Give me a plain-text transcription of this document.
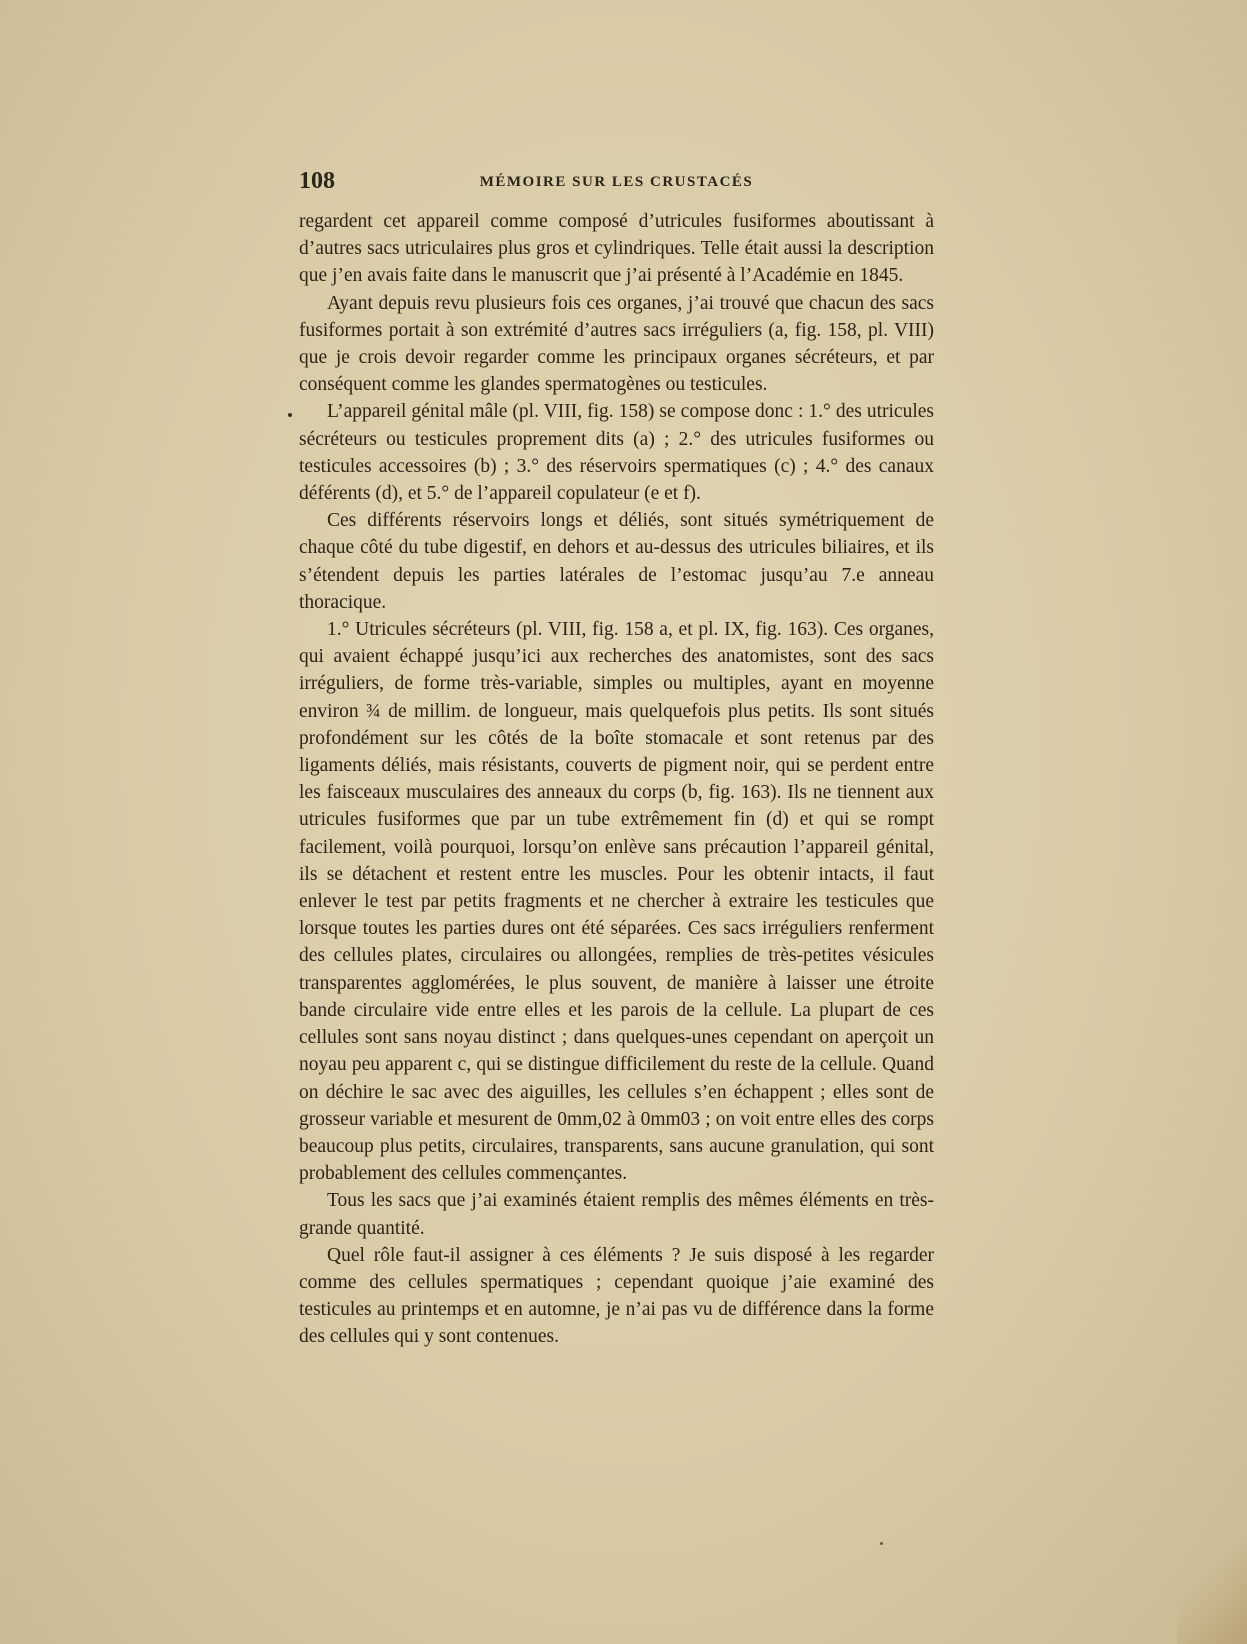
108	MÉMOIRE SUR LES CRUSTACÉS

regardent cet appareil comme composé d’utricules fusiformes aboutissant à d’autres sacs utriculaires plus gros et cylindriques. Telle était aussi la description que j’en avais faite dans le manuscrit que j’ai présenté à l’Académie en 1845.

Ayant depuis revu plusieurs fois ces organes, j’ai trouvé que chacun des sacs fusiformes portait à son extrémité d’autres sacs irréguliers (a, fig. 158, pl. VIII) que je crois devoir regarder comme les principaux organes sécréteurs, et par conséquent comme les glandes spermatogènes ou testicules.

L’appareil génital mâle (pl. VIII, fig. 158) se compose donc : 1.° des utricules sécréteurs ou testicules proprement dits (a) ; 2.° des utricules fusiformes ou testicules accessoires (b) ; 3.° des réservoirs spermatiques (c) ; 4.° des canaux déférents (d), et 5.° de l’appareil copulateur (e et f).

Ces différents réservoirs longs et déliés, sont situés symétriquement de chaque côté du tube digestif, en dehors et au-dessus des utricules biliaires, et ils s’étendent depuis les parties latérales de l’estomac jusqu’au 7.e anneau thoracique.

1.° Utricules sécréteurs (pl. VIII, fig. 158 a, et pl. IX, fig. 163). Ces organes, qui avaient échappé jusqu’ici aux recherches des anatomistes, sont des sacs irréguliers, de forme très-variable, simples ou multiples, ayant en moyenne environ ¾ de millim. de longueur, mais quelquefois plus petits. Ils sont situés profondément sur les côtés de la boîte stomacale et sont retenus par des ligaments déliés, mais résistants, couverts de pigment noir, qui se perdent entre les faisceaux musculaires des anneaux du corps (b, fig. 163). Ils ne tiennent aux utricules fusiformes que par un tube extrêmement fin (d) et qui se rompt facilement, voilà pourquoi, lorsqu’on enlève sans précaution l’appareil génital, ils se détachent et restent entre les muscles. Pour les obtenir intacts, il faut enlever le test par petits fragments et ne chercher à extraire les testicules que lorsque toutes les parties dures ont été séparées. Ces sacs irréguliers renferment des cellules plates, circulaires ou allongées, remplies de très-petites vésicules transparentes agglomérées, le plus souvent, de manière à laisser une étroite bande circulaire vide entre elles et les parois de la cellule. La plupart de ces cellules sont sans noyau distinct ; dans quelques-unes cependant on aperçoit un noyau peu apparent c, qui se distingue difficilement du reste de la cellule. Quand on déchire le sac avec des aiguilles, les cellules s’en échappent ; elles sont de grosseur variable et mesurent de 0mm,02 à 0mm03 ; on voit entre elles des corps beaucoup plus petits, circulaires, transparents, sans aucune granulation, qui sont probablement des cellules commençantes.

Tous les sacs que j’ai examinés étaient remplis des mêmes éléments en très-grande quantité.

Quel rôle faut-il assigner à ces éléments ? Je suis disposé à les regarder comme des cellules spermatiques ; cependant quoique j’aie examiné des testicules au printemps et en automne, je n’ai pas vu de différence dans la forme des cellules qui y sont contenues.
